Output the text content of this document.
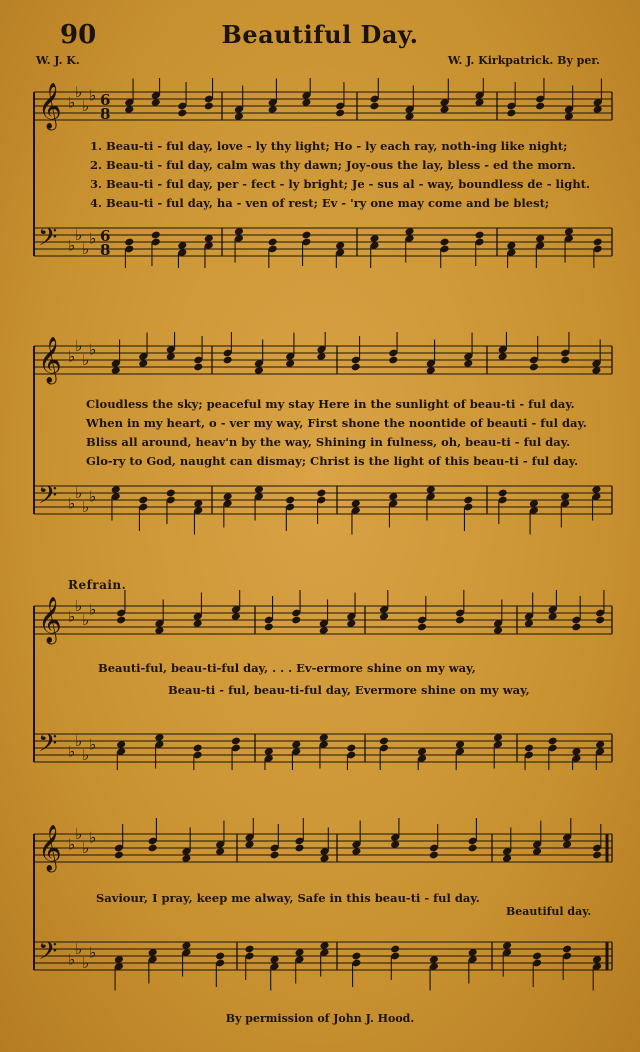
90	Beautiful Day.
W. J. K.	W. J. Kirkpatrick. By per.
𝄞 ♭
♭
♭
♭ 6
8
𝄢 ♭
♭
♭
♭ 6
8
𝄞 ♭
♭
♭
♭
𝄢 ♭
♭
♭
♭
𝄞 ♭
♭
♭
♭
𝄢 ♭
♭
♭
♭
𝄞 ♭
♭
♭
♭
𝄢 ♭
♭
♭
♭
1. Beau-ti - ful day, love - ly thy light; Ho - ly each ray, noth-ing like night;
2. Beau-ti - ful day, calm was thy dawn; Joy-ous the lay, bless - ed the morn.
3. Beau-ti - ful day, per - fect - ly bright; Je - sus al - way, boundless de - light.
4. Beau-ti - ful day, ha - ven of rest; Ev - 'ry one may come and be blest;
Cloudless the sky; peaceful my stay Here in the sunlight of beau-ti - ful day.
When in my heart, o - ver my way, First shone the noontide of beauti - ful day.
Bliss all around, heav'n by the way, Shining in fulness, oh, beau-ti - ful day.
Glo-ry to God, naught can dismay; Christ is the light of this beau-ti - ful day.
Refrain.
Beauti-ful, beau-ti-ful day, . . . Ev-ermore shine on my way,
Beau-ti - ful, beau-ti-ful day, Evermore shine on my way,
Saviour, I pray, keep me alway, Safe in this beau-ti - ful day.
Beautiful day.
By permission of John J. Hood.
